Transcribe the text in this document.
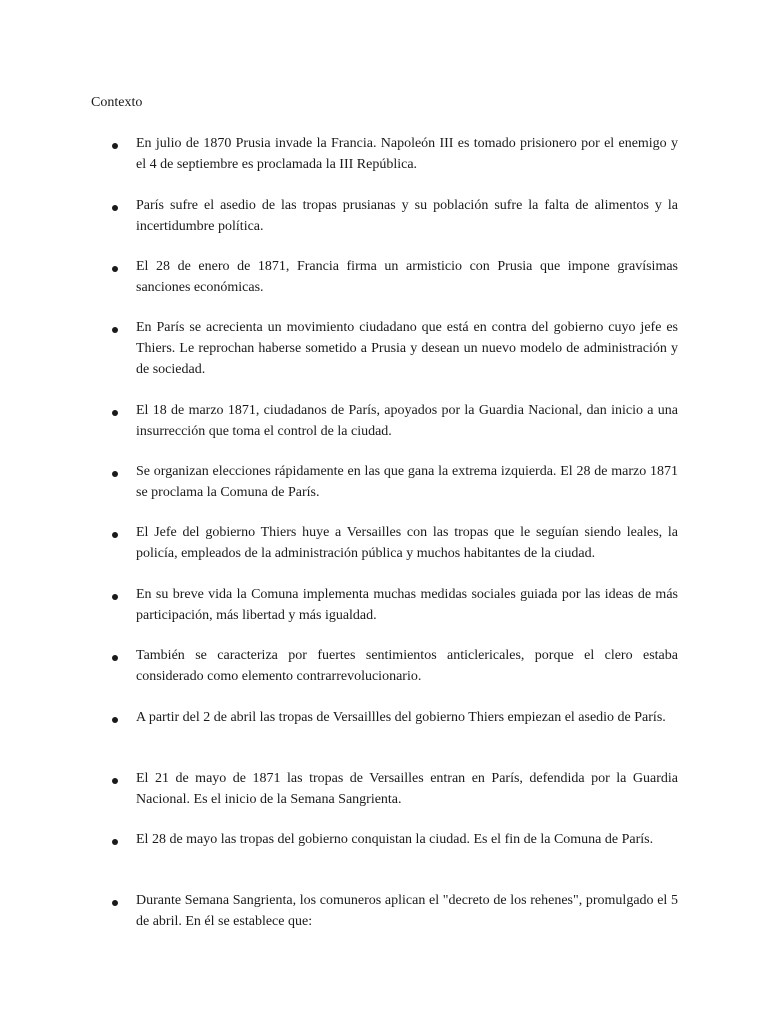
Contexto
En julio de 1870 Prusia invade la Francia. Napoleón III es tomado prisionero por el enemigo y el 4 de septiembre es proclamada la III República.
París sufre el asedio de las tropas prusianas y su población sufre la falta de alimentos y la incertidumbre política.
El 28 de enero de 1871, Francia firma un armisticio con Prusia que impone gravísimas sanciones económicas.
En París se acrecienta un movimiento ciudadano que está en contra del gobierno cuyo jefe es Thiers. Le reprochan haberse sometido a Prusia y desean un nuevo modelo de administración y de sociedad.
El 18 de marzo 1871, ciudadanos de París, apoyados por la Guardia Nacional, dan inicio a una insurrección que toma el control de la ciudad.
Se organizan elecciones rápidamente en las que gana la extrema izquierda. El 28 de marzo 1871 se proclama la Comuna de París.
El Jefe del gobierno Thiers huye a Versailles con las tropas que le seguían siendo leales, la policía, empleados de la administración pública y muchos habitantes de la ciudad.
En su breve vida la Comuna implementa muchas medidas sociales guiada por las ideas de más participación, más libertad y más igualdad.
También se caracteriza por fuertes sentimientos anticlericales, porque el clero estaba considerado como elemento contrarrevolucionario.
A partir del 2 de abril las tropas de Versaillles del gobierno Thiers empiezan el asedio de París.
El 21 de mayo de 1871 las tropas de Versailles entran en París, defendida por la Guardia Nacional. Es el inicio de la Semana Sangrienta.
El 28 de mayo las tropas del gobierno conquistan la ciudad. Es el fin de la Comuna de París.
Durante Semana Sangrienta, los comuneros aplican el "decreto de los rehenes", promulgado el 5 de abril. En él se establece que:
